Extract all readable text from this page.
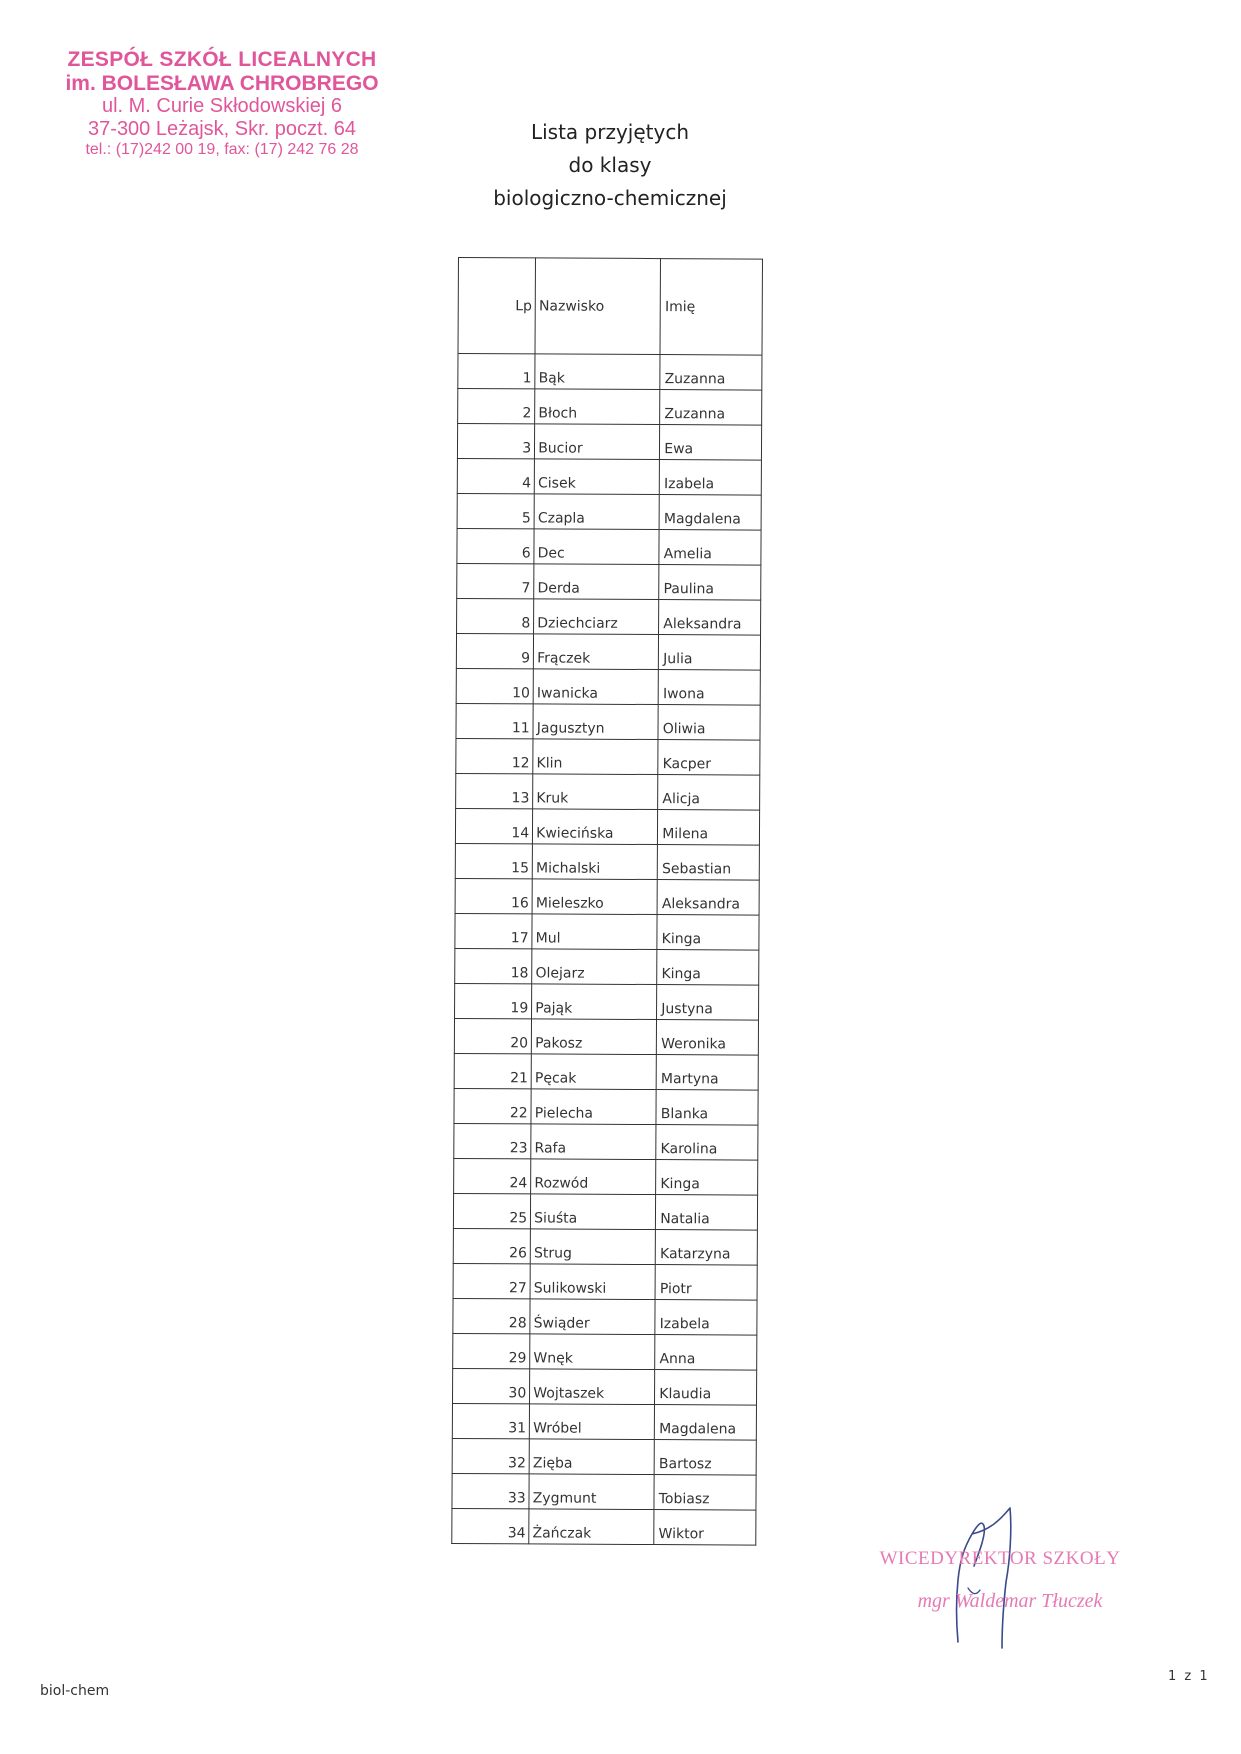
ZESPÓŁ SZKÓŁ LICEALNYCH
im. BOLESŁAWA CHROBREGO
ul. M. Curie Skłodowskiej 6
37-300 Leżajsk, Skr. poczt. 64
tel.: (17)242 00 19, fax: (17) 242 76 28
Lista przyjętych
do klasy
biologiczno-chemicznej
Lp	Nazwisko	Imię
1	Bąk	Zuzanna
2	Błoch	Zuzanna
3	Bucior	Ewa
4	Cisek	Izabela
5	Czapla	Magdalena
6	Dec	Amelia
7	Derda	Paulina
8	Dziechciarz	Aleksandra
9	Frączek	Julia
10	Iwanicka	Iwona
11	Jagusztyn	Oliwia
12	Klin	Kacper
13	Kruk	Alicja
14	Kwiecińska	Milena
15	Michalski	Sebastian
16	Mieleszko	Aleksandra
17	Mul	Kinga
18	Olejarz	Kinga
19	Pająk	Justyna
20	Pakosz	Weronika
21	Pęcak	Martyna
22	Pielecha	Blanka
23	Rafa	Karolina
24	Rozwód	Kinga
25	Siuśta	Natalia
26	Strug	Katarzyna
27	Sulikowski	Piotr
28	Świąder	Izabela
29	Wnęk	Anna
30	Wojtaszek	Klaudia
31	Wróbel	Magdalena
32	Zięba	Bartosz
33	Zygmunt	Tobiasz
34	Żańczak	Wiktor
WICEDYREKTOR SZKOŁY
mgr Waldemar Tłuczek
biol-chem
1 z 1
